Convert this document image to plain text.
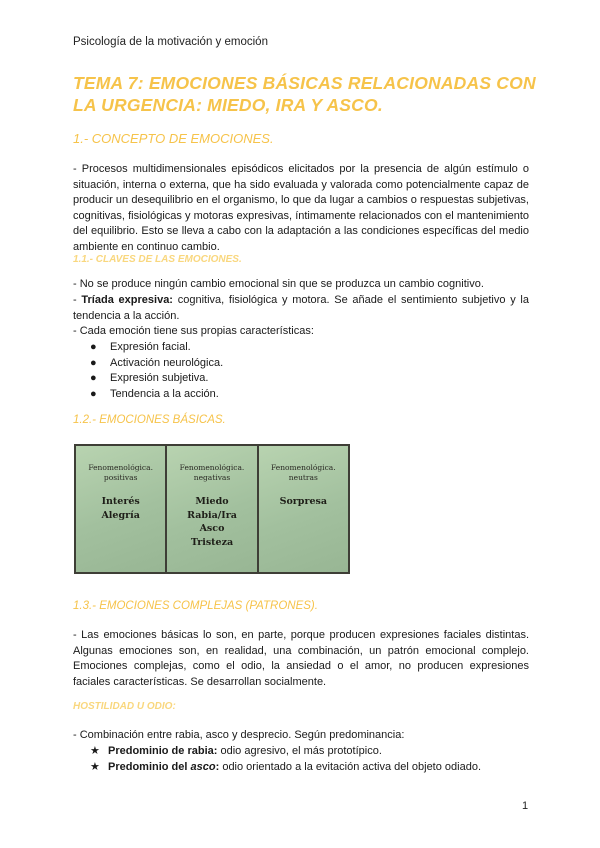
Psicología de la motivación y emoción
TEMA 7: EMOCIONES BÁSICAS RELACIONADAS CON LA URGENCIA: MIEDO, IRA Y ASCO.
1.- CONCEPTO DE EMOCIONES.

- Procesos multidimensionales episódicos elicitados por la presencia de algún estímulo o situación, interna o externa, que ha sido evaluada y valorada como potencialmente capaz de producir un desequilibrio en el organismo, lo que da lugar a cambios o respuestas subjetivas, cognitivas, fisiológicas y motoras expresivas, íntimamente relacionados con el mantenimiento del equilibrio. Esto se lleva a cabo con la adaptación a las condiciones específicas del medio ambiente en continuo cambio.

1.1.- CLAVES DE LAS EMOCIONES.

- No se produce ningún cambio emocional sin que se produzca un cambio cognitivo.

- Tríada expresiva: cognitiva, fisiológica y motora. Se añade el sentimiento subjetivo y la tendencia a la acción.

- Cada emoción tiene sus propias características:

● Expresión facial.
● Activación neurológica.
● Expresión subjetiva.
● Tendencia a la acción.
1.2.- EMOCIONES BÁSICAS.
Fenomenológica.
positivas
Interés
Alegría
Fenomenológica.
negativas
Miedo
Rabia/Ira
Asco
Tristeza
Fenomenológica.
neutras
Sorpresa
1.3.- EMOCIONES COMPLEJAS (PATRONES).

- Las emociones básicas lo son, en parte, porque producen expresiones faciales distintas. Algunas emociones son, en realidad, una combinación, un patrón emocional complejo. Emociones complejas, como el odio, la ansiedad o el amor, no producen expresiones faciales características. Se desarrollan socialmente.

HOSTILIDAD U ODIO:

- Combinación entre rabia, asco y desprecio. Según predominancia:

★ Predominio de rabia: odio agresivo, el más prototípico.
★ Predominio del asco: odio orientado a la evitación activa del objeto odiado.
1
